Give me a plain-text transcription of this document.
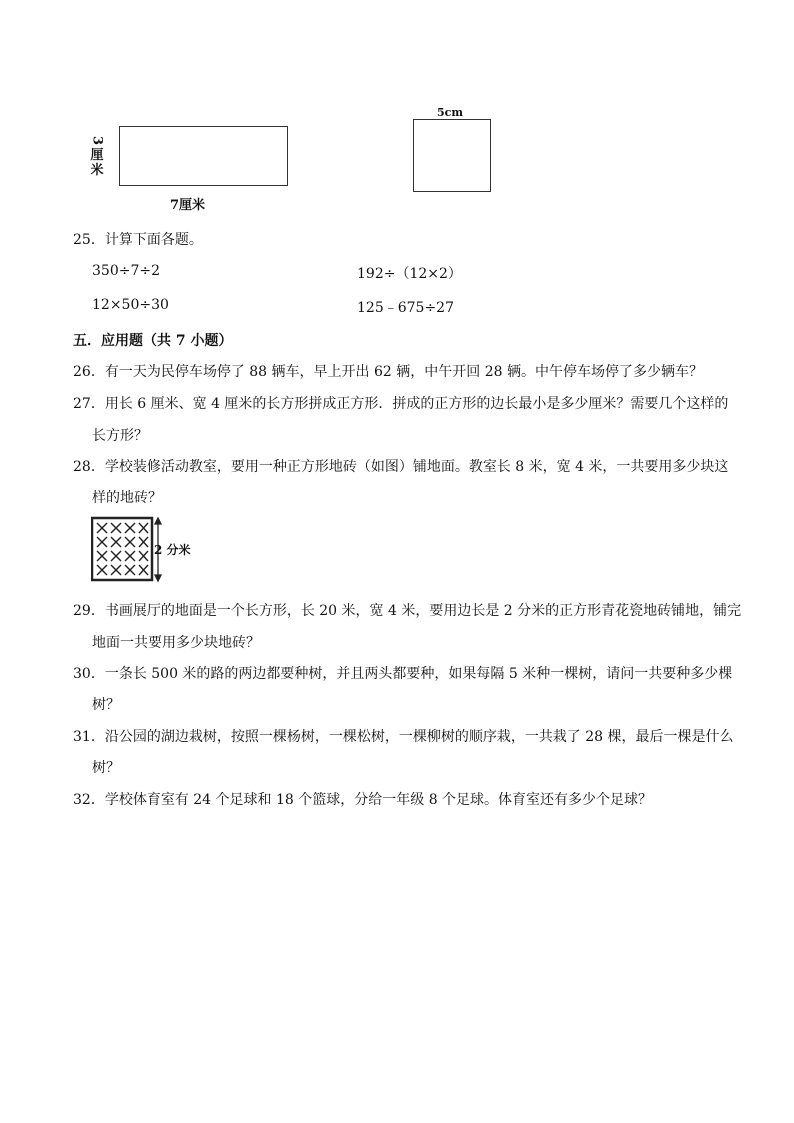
3
厘
米
7厘米
5cm
25．计算下面各题。
350÷7÷2	192÷（12×2）
12×50÷30	125﹣675÷27
五．应用题（共 7 小题）
26．有一天为民停车场停了 88 辆车，早上开出 62 辆，中午开回 28 辆。中午停车场停了多少辆车？
27．用长 6 厘米、宽 4 厘米的长方形拼成正方形．拼成的正方形的边长最小是多少厘米？需要几个这样的
长方形？
28．学校装修活动教室，要用一种正方形地砖（如图）铺地面。教室长 8 米，宽 4 米，一共要用多少块这
样的地砖？
2 分米
29．书画展厅的地面是一个长方形，长 20 米，宽 4 米，要用边长是 2 分米的正方形青花瓷地砖铺地，铺完
地面一共要用多少块地砖？
30．一条长 500 米的路的两边都要种树，并且两头都要种，如果每隔 5 米种一棵树，请问一共要种多少棵
树？
31．沿公园的湖边栽树，按照一棵杨树，一棵松树，一棵柳树的顺序栽，一共栽了 28 棵，最后一棵是什么
树？
32．学校体育室有 24 个足球和 18 个篮球，分给一年级 8 个足球。体育室还有多少个足球？
